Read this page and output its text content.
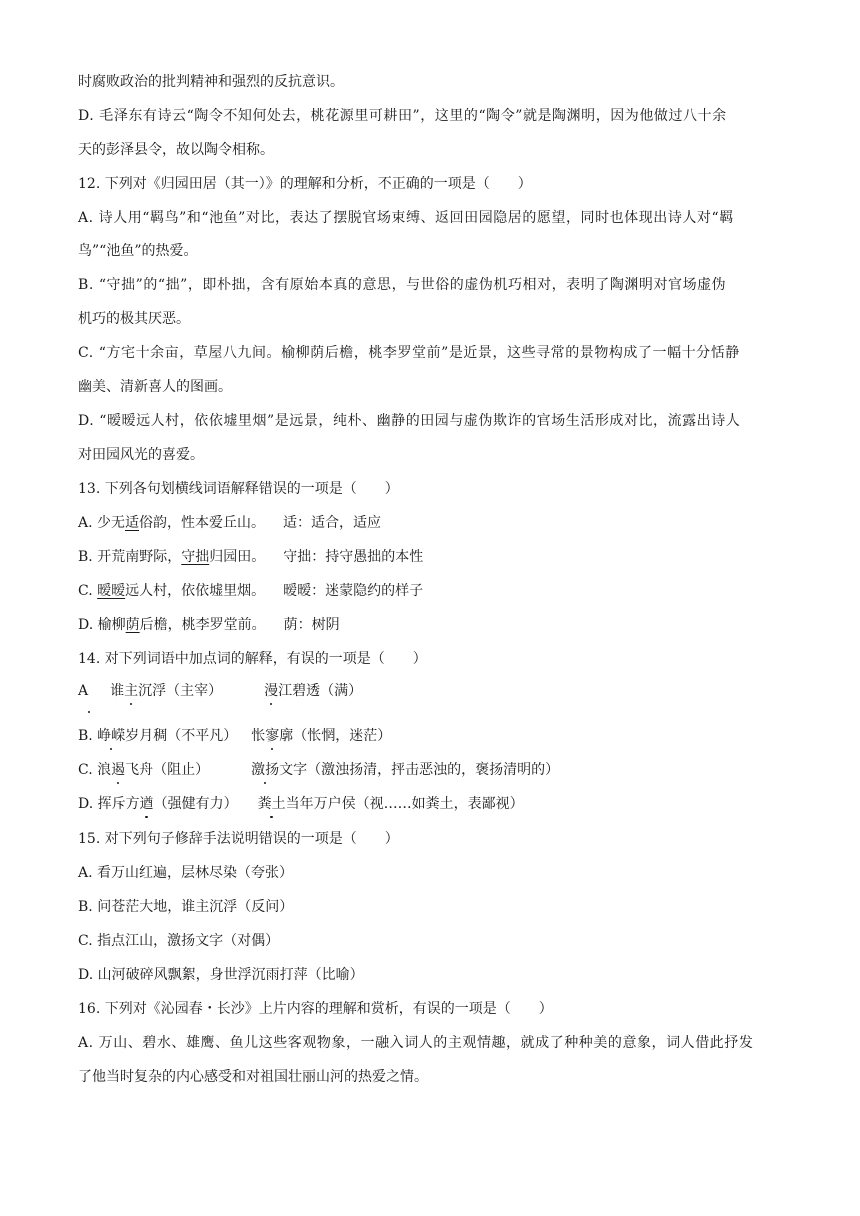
时腐败政治的批判精神和强烈的反抗意识。
D. 毛泽东有诗云“陶令不知何处去，桃花源里可耕田”，这里的“陶令”就是陶渊明，因为他做过八十余
天的彭泽县令，故以陶令相称。
12. 下列对《归园田居（其一）》的理解和分析，不正确的一项是（　　）
A. 诗人用“羁鸟”和“池鱼”对比，表达了摆脱官场束缚、返回田园隐居的愿望，同时也体现出诗人对“羁
鸟”“池鱼”的热爱。
B. “守拙”的“拙”，即朴拙，含有原始本真的意思，与世俗的虚伪机巧相对，表明了陶渊明对官场虚伪
机巧的极其厌恶。
C. “方宅十余亩，草屋八九间。榆柳荫后檐，桃李罗堂前”是近景，这些寻常的景物构成了一幅十分恬静
幽美、清新喜人的图画。
D. “暧暧远人村，依依墟里烟”是远景，纯朴、幽静的田园与虚伪欺诈的官场生活形成对比，流露出诗人
对田园风光的喜爱。
13. 下列各句划横线词语解释错误的一项是（　　）
A. 少无适俗韵，性本爱丘山。 适：适合，适应
B. 开荒南野际，守拙归园田。 守拙：持守愚拙的本性
C. 暧暧远人村，依依墟里烟。 暧暧：迷蒙隐约的样子
D. 榆柳荫后檐，桃李罗堂前。 荫：树阴
14. 对下列词语中加点词的解释，有误的一项是（　　）
A 谁主沉浮（主宰）	漫江碧透（满）
B. 峥嵘岁月稠（不平凡） 怅寥廓（怅惘，迷茫）
C. 浪遏飞舟（阻止）	激扬文字（激浊扬清，抨击恶浊的，褒扬清明的）
D. 挥斥方遒（强健有力） 粪土当年万户侯（视……如粪土，表鄙视）
15. 对下列句子修辞手法说明错误的一项是（　　）
A. 看万山红遍，层林尽染（夸张）
B. 问苍茫大地，谁主沉浮（反问）
C. 指点江山，激扬文字（对偶）
D. 山河破碎风飘絮，身世浮沉雨打萍（比喻）
16. 下列对《沁园春・长沙》上片内容的理解和赏析，有误的一项是（　　）
A. 万山、碧水、雄鹰、鱼儿这些客观物象，一融入词人的主观情趣，就成了种种美的意象，词人借此抒发
了他当时复杂的内心感受和对祖国壮丽山河的热爱之情。
